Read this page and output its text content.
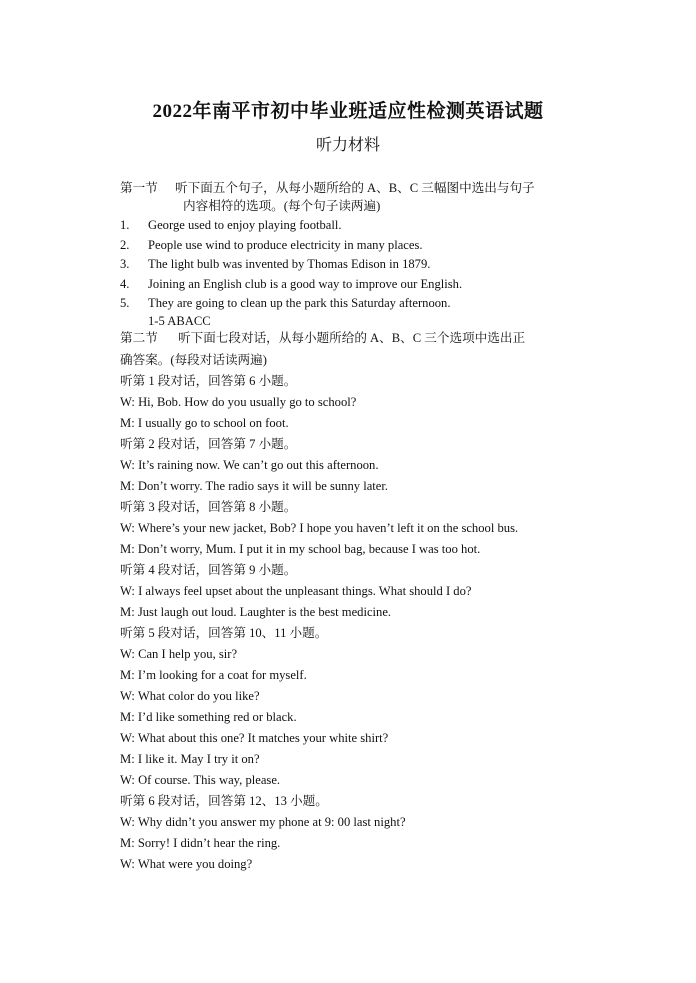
2022年南平市初中毕业班适应性检测英语试题
听力材料
第一节	听下面五个句子，从每小题所给的 A、B、C 三幅图中选出与句子
内容相符的选项。(每个句子读两遍)
1.	George used to enjoy playing football.
2.	People use wind to produce electricity in many places.
3.	The light bulb was invented by Thomas Edison in 1879.
4.	Joining an English club is a good way to improve our English.
5.	They are going to clean up the park this Saturday afternoon.
1-5 ABACC
第二节 听下面七段对话，从每小题所给的 A、B、C 三个选项中选出正
确答案。(每段对话读两遍)
听第 1 段对话，回答第 6 小题。
W: Hi, Bob. How do you usually go to school?
M: I usually go to school on foot.
听第 2 段对话，回答第 7 小题。
W: It’s raining now. We can’t go out this afternoon.
M: Don’t worry. The radio says it will be sunny later.
听第 3 段对话，回答第 8 小题。
W: Where’s your new jacket, Bob? I hope you haven’t left it on the school bus.
M: Don’t worry, Mum. I put it in my school bag, because I was too hot.
听第 4 段对话，回答第 9 小题。
W: I always feel upset about the unpleasant things. What should I do?
M: Just laugh out loud. Laughter is the best medicine.
听第 5 段对话，回答第 10、11 小题。
W: Can I help you, sir?
M: I’m looking for a coat for myself.
W: What color do you like?
M: I’d like something red or black.
W: What about this one? It matches your white shirt?
M: I like it. May I try it on?
W: Of course. This way, please.
听第 6 段对话，回答第 12、13 小题。
W: Why didn’t you answer my phone at 9: 00 last night?
M: Sorry! I didn’t hear the ring.
W: What were you doing?
